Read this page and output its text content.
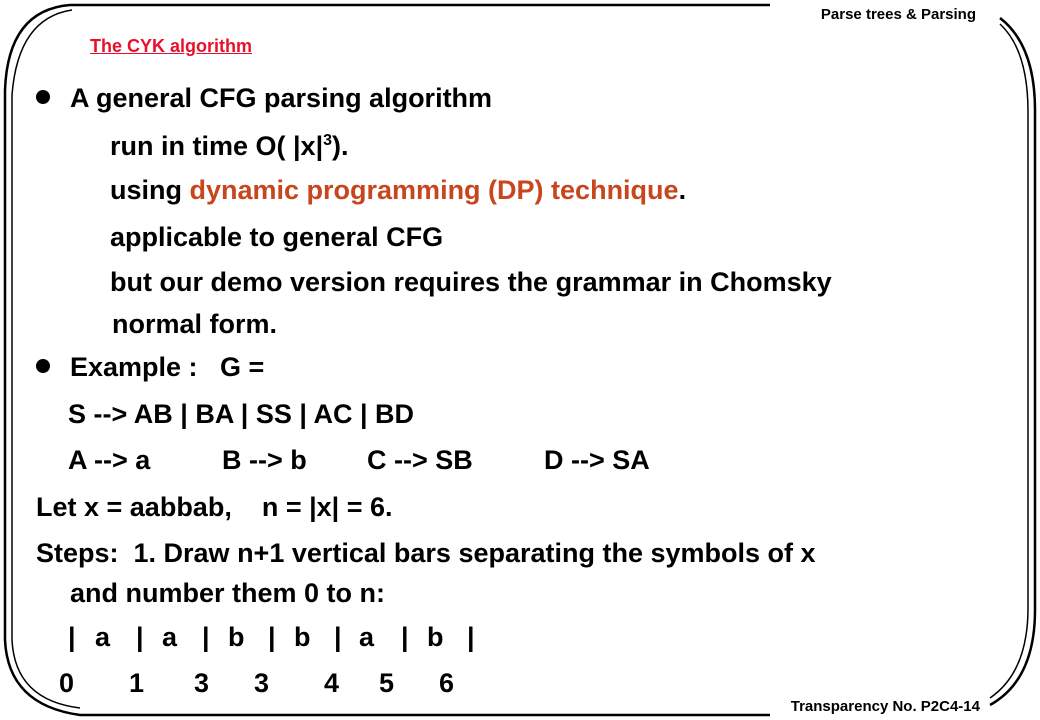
Parse trees & Parsing
The CYK algorithm
A general CFG parsing algorithm
run in time O( $|x|^3$).
using dynamic programming (DP) technique.
applicable to general CFG
but our demo version requires the grammar in Chomsky
normal form.
Example :   G =
S --> AB | BA | SS | AC | BD
A --> a	B --> b C --> SB	D --> SA
Let x = aabbab,    n = |x| = 6.
Steps:  1. Draw n+1 vertical bars separating the symbols of x
and number them 0 to n:
| a | a | b | b | a | b |
0 1 3 3 4 5 6
Transparency No. P2C4-14
